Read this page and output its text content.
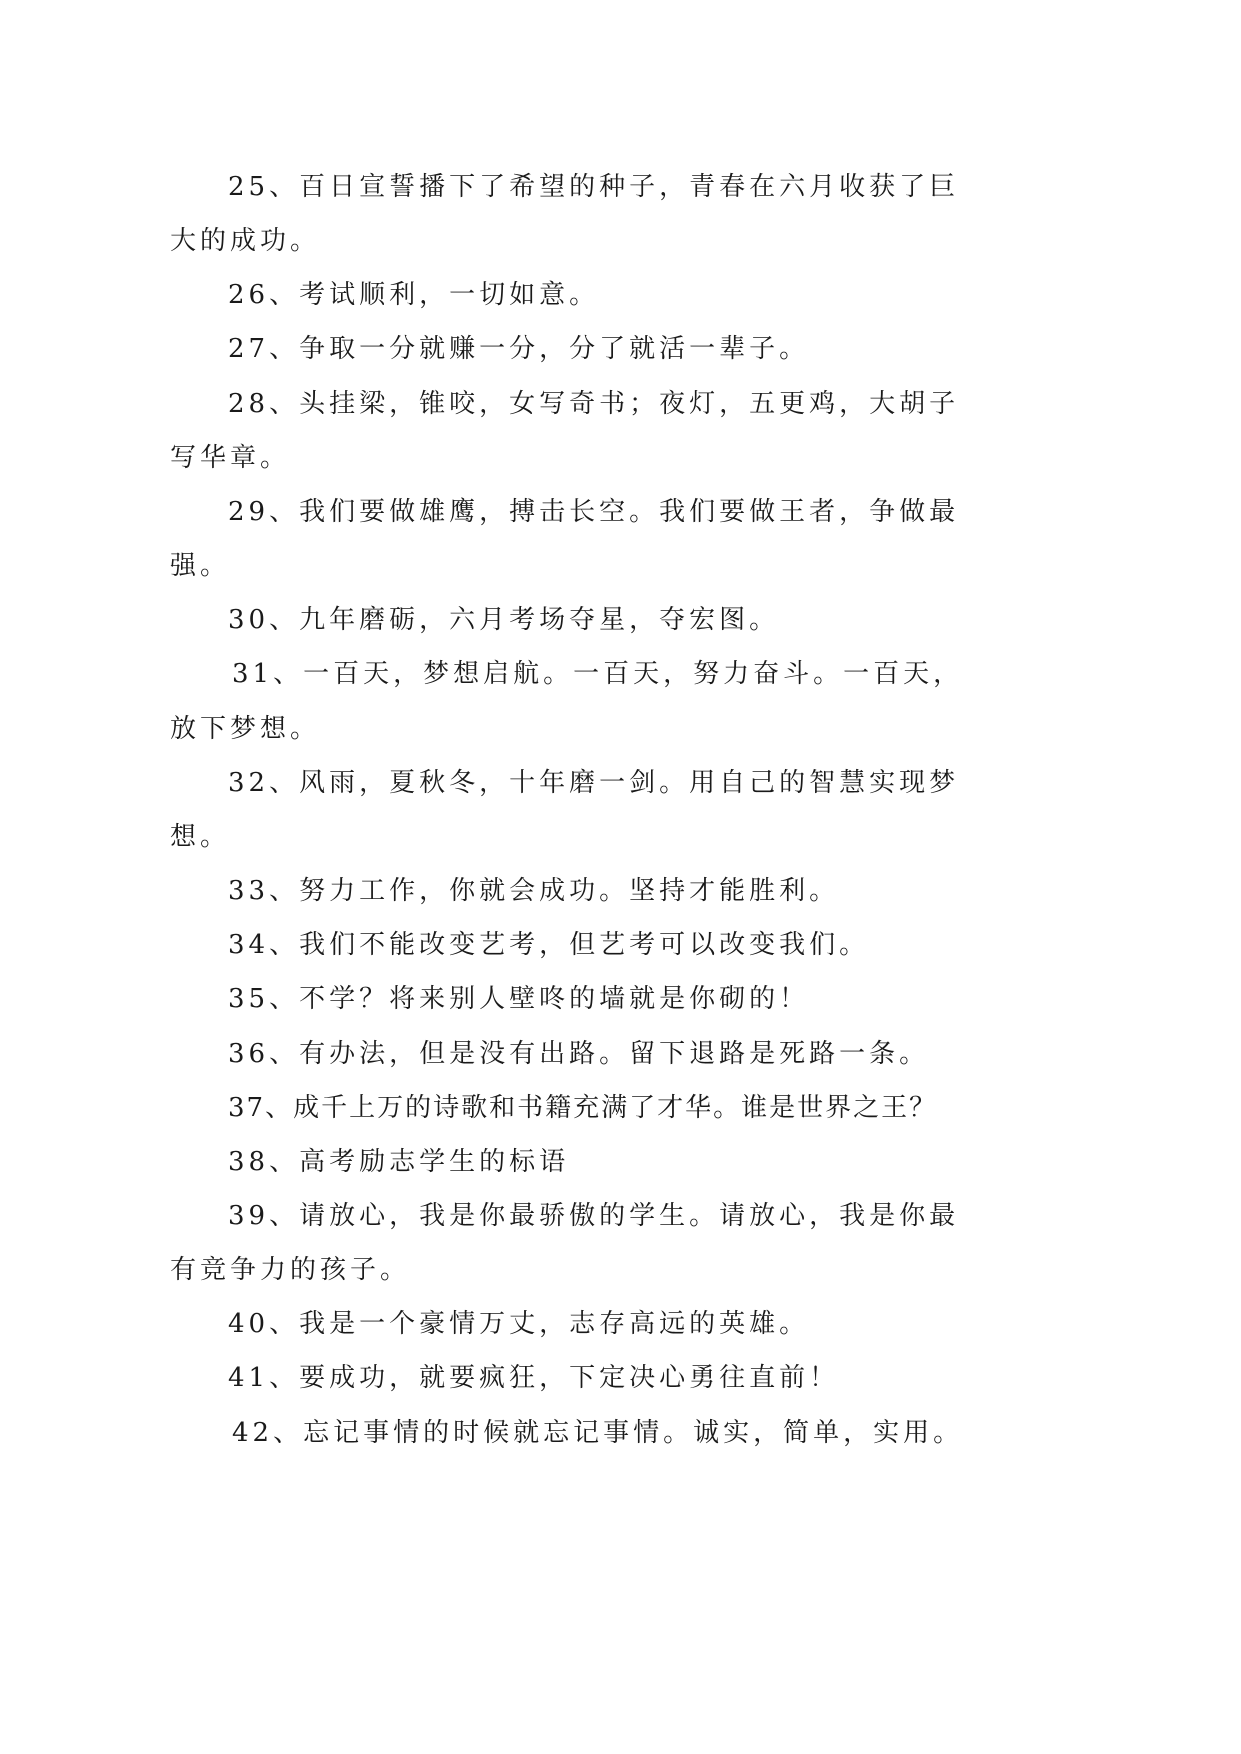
25、百日宣誓播下了希望的种子，青春在六月收获了巨
大的成功。
26、考试顺利，一切如意。
27、争取一分就赚一分，分了就活一辈子。
28、头挂梁，锥咬，女写奇书；夜灯，五更鸡，大胡子
写华章。
29、我们要做雄鹰，搏击长空。我们要做王者，争做最
强。
30、九年磨砺，六月考场夺星，夺宏图。
31、一百天，梦想启航。一百天，努力奋斗。一百天，
放下梦想。
32、风雨，夏秋冬，十年磨一剑。用自己的智慧实现梦
想。
33、努力工作，你就会成功。坚持才能胜利。
34、我们不能改变艺考，但艺考可以改变我们。
35、不学？将来别人壁咚的墙就是你砌的！
36、有办法，但是没有出路。留下退路是死路一条。
37、成千上万的诗歌和书籍充满了才华。谁是世界之王？
38、高考励志学生的标语
39、请放心，我是你最骄傲的学生。请放心，我是你最
有竞争力的孩子。
40、我是一个豪情万丈，志存高远的英雄。
41、要成功，就要疯狂，下定决心勇往直前！
42、忘记事情的时候就忘记事情。诚实，简单，实用。
